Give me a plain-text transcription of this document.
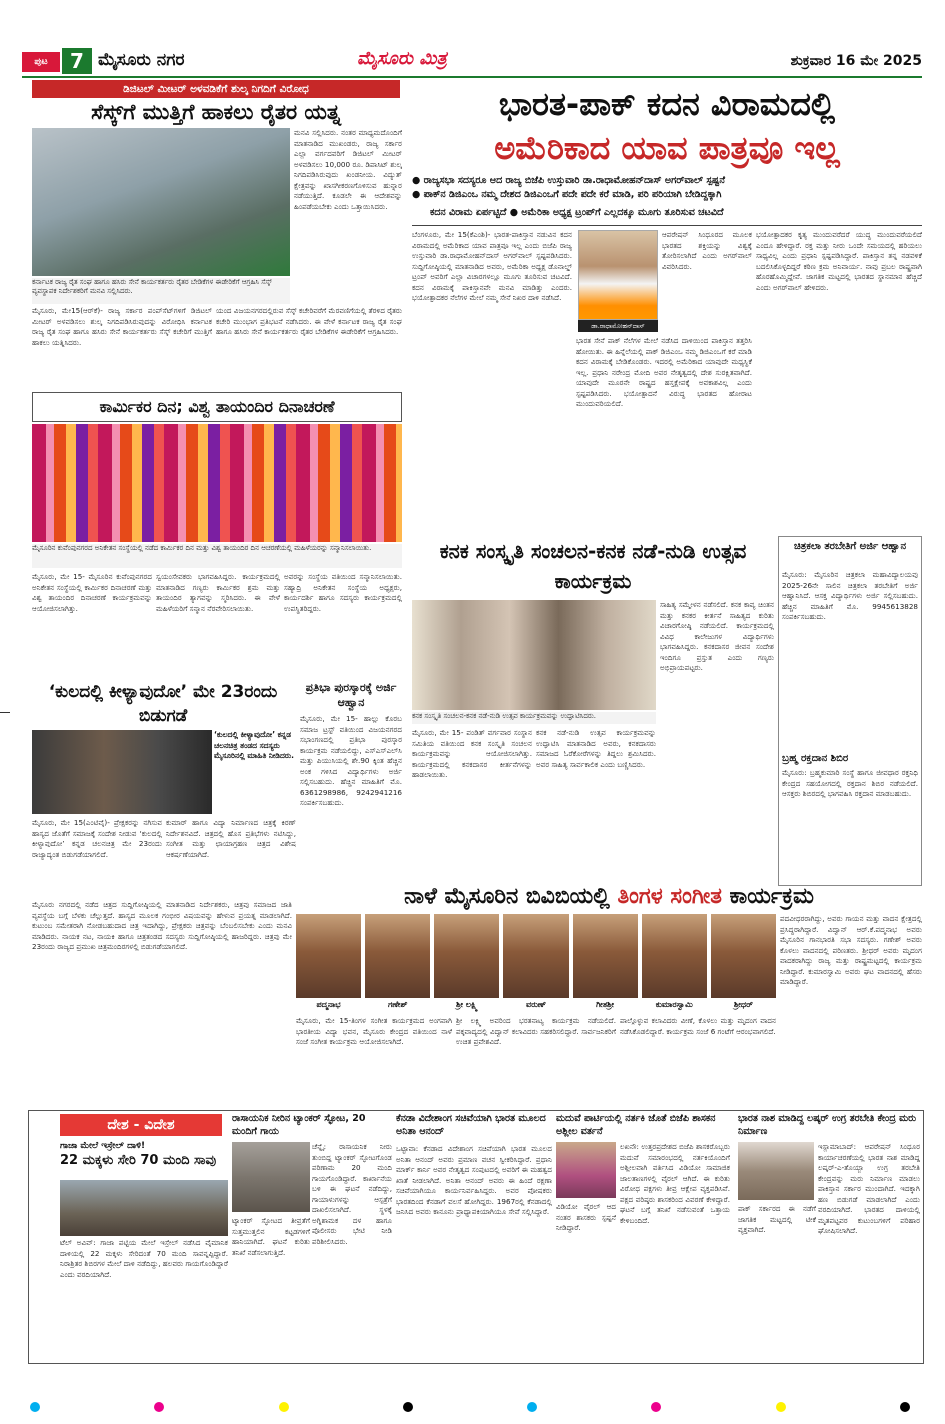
ಪುಟ	7 ಮೈಸೂರು ನಗರ	ಮೈಸೂರು ಮಿತ್ರ	ಶುಕ್ರವಾರ 16 ಮೇ 2025
ಡಿಜಿಟಲ್ ಮೀಟರ್ ಅಳವಡಿಕೆಗೆ ಶುಲ್ಕ ನಿಗದಿಗೆ ವಿರೋಧ
ಸೆಸ್ಕ್‌ಗೆ ಮುತ್ತಿಗೆ ಹಾಕಲು ರೈತರ ಯತ್ನ
ಕರ್ನಾಟಕ ರಾಜ್ಯ ರೈತ ಸಂಘ ಹಾಗೂ ಹಸಿರು ಸೇನೆ ಕಾರ್ಯಕರ್ತರು ರೈತರ ಬೇಡಿಕೆಗಳ ಈಡೇರಿಕೆಗೆ ಆಗ್ರಹಿಸಿ ಸೆಸ್ಕ್ ವ್ಯವಸ್ಥಾಪಕ ನಿರ್ದೇಶಕರಿಗೆ ಮನವಿ ಸಲ್ಲಿಸಿದರು.
ಮನವಿ ಸಲ್ಲಿಸಿದರು. ನಂತರ ಮಾಧ್ಯಮದೊಂದಿಗೆ ಮಾತನಾಡಿದ ಮುಖಂಡರು, ರಾಜ್ಯ ಸರ್ಕಾರ ಎಲ್ಲಾ ವರ್ಗದವರಿಗೆ ಡಿಜಿಟಲ್ ಮೀಟರ್ ಅಳವಡಿಸಲು 10,000 ರೂ. ಡಿಪಾಸಿಟ್ ಶುಲ್ಕ ನಿಗದಿಪಡಿಸಿರುವುದು ಖಂಡನೀಯ. ವಿದ್ಯುತ್ ಕ್ಷೇತ್ರವನ್ನು ಖಾಸಗೀಕರಣಗೊಳಿಸುವ ಹುನ್ನಾರ ನಡೆಯುತ್ತಿದೆ. ಕೂಡಲೇ ಈ ಆದೇಶವನ್ನು ಹಿಂಪಡೆಯಬೇಕು ಎಂದು ಒತ್ತಾಯಿಸಿದರು.
ಮೈಸೂರು, ಮೇ15(ಆರ್‌ಕೆ)- ರಾಜ್ಯ ಸರ್ಕಾರ ಪಂಪ್‌ಸೆಟ್‌ಗಳಿಗೆ ಡಿಜಿಟಲ್ ಮೀಟರ್ ಅಳವಡಿಸಲು ಶುಲ್ಕ ನಿಗದಿಪಡಿಸಿರುವುದನ್ನು ವಿರೋಧಿಸಿ ಕರ್ನಾಟಕ ರಾಜ್ಯ ರೈತ ಸಂಘ ಹಾಗೂ ಹಸಿರು ಸೇನೆ ಕಾರ್ಯಕರ್ತರು ಸೆಸ್ಕ್ ಕಚೇರಿಗೆ ಮುತ್ತಿಗೆ ಹಾಕಲು ಯತ್ನಿಸಿದರು.
ಯಂದ ವಿಜಯನಗರದಲ್ಲಿರುವ ಸೆಸ್ಕ್ ಕಚೇರಿವರೆಗೆ ಮೆರವಣಿಗೆಯಲ್ಲಿ ತೆರಳಿದ ರೈತರು ಕಚೇರಿ ಮುಂಭಾಗ ಪ್ರತಿಭಟನೆ ನಡೆಸಿದರು. ಈ ವೇಳೆ ಕರ್ನಾಟಕ ರಾಜ್ಯ ರೈತ ಸಂಘ ಹಾಗೂ ಹಸಿರು ಸೇನೆ ಕಾರ್ಯಕರ್ತರು ರೈತರ ಬೇಡಿಕೆಗಳ ಈಡೇರಿಕೆಗೆ ಆಗ್ರಹಿಸಿದರು.
ಕಾರ್ಮಿಕರ ದಿನ; ವಿಶ್ವ ತಾಯಂದಿರ ದಿನಾಚರಣೆ
ಮೈಸೂರಿನ ಕುವೆಂಪುನಗರದ ಅನಿಕೇತನ ಸಂಸ್ಥೆಯಲ್ಲಿ ನಡೆದ ಕಾರ್ಮಿಕರ ದಿನ ಮತ್ತು ವಿಶ್ವ ತಾಯಂದಿರ ದಿನ ಆಚರಣೆಯಲ್ಲಿ ಮಹಿಳೆಯರನ್ನು ಸನ್ಮಾನಿಸಲಾಯಿತು.
ಮೈಸೂರು, ಮೇ 15- ಮೈಸೂರಿನ ಕುವೆಂಪುನಗರದ ಅನಿಕೇತನ ಸಂಸ್ಥೆಯಲ್ಲಿ ಕಾರ್ಮಿಕರ ದಿನಾಚರಣೆ ಮತ್ತು ವಿಶ್ವ ತಾಯಂದಿರ ದಿನಾಚರಣೆ ಕಾರ್ಯಕ್ರಮವನ್ನು ಆಯೋಜಿಸಲಾಗಿತ್ತು.
ಸ್ವಯಂಸೇವಕರು ಭಾಗವಹಿಸಿದ್ದರು. ಕಾರ್ಯಕ್ರಮದಲ್ಲಿ ಮಾತನಾಡಿದ ಗಣ್ಯರು ಕಾರ್ಮಿಕರ ಶ್ರಮ ಮತ್ತು ತಾಯಂದಿರ ತ್ಯಾಗವನ್ನು ಸ್ಮರಿಸಿದರು. ಈ ವೇಳೆ ಮಹಿಳೆಯರಿಗೆ ಸನ್ಮಾನ ನೆರವೇರಿಸಲಾಯಿತು.
ಅವರನ್ನು ಸಂಸ್ಥೆಯ ವತಿಯಿಂದ ಸನ್ಮಾನಿಸಲಾಯಿತು. ಸಹ್ಯಾದ್ರಿ ಅನಿಕೇತನ ಸಂಸ್ಥೆಯ ಅಧ್ಯಕ್ಷರು, ಕಾರ್ಯದರ್ಶಿ ಹಾಗೂ ಸದಸ್ಯರು ಕಾರ್ಯಕ್ರಮದಲ್ಲಿ ಉಪಸ್ಥಿತರಿದ್ದರು.
‘ಕುಲದಲ್ಲಿ ಕೀಳ್ಯಾವುದೋ’ ಮೇ 23ರಂದು ಬಿಡುಗಡೆ
‘ಕುಲದಲ್ಲಿ ಕೀಳ್ಯಾವುದೋ’ ಕನ್ನಡ ಚಲನಚಿತ್ರ ತಂಡದ ಸದಸ್ಯರು ಮೈಸೂರಿನಲ್ಲಿ ಮಾಹಿತಿ ನೀಡಿದರು.
ಮೈಸೂರು, ಮೇ 15(ಎಂಟಿವೈ)- ಪ್ರೇಕ್ಷಕರನ್ನು ನಗಿಸುವ ಹಾಸ್ಯದ ಜೊತೆಗೆ ಸಮಾಜಕ್ಕೆ ಸಂದೇಶ ನೀಡುವ ‘ಕುಲದಲ್ಲಿ ಕೀಳ್ಯಾವುದೋ’ ಕನ್ನಡ ಚಲನಚಿತ್ರ ಮೇ 23ರಂದು ರಾಜ್ಯಾದ್ಯಂತ ಬಿಡುಗಡೆಯಾಗಲಿದೆ.
ಕುಮಾರ್ ಹಾಗೂ ವಿದ್ಯಾ ನಿರ್ಮಾಣದ ಚಿತ್ರಕ್ಕೆ ಕಿರಣ್ ನಿರ್ದೇಶನವಿದೆ. ಚಿತ್ರದಲ್ಲಿ ಹೊಸ ಪ್ರತಿಭೆಗಳು ನಟಿಸಿದ್ದು, ಸಂಗೀತ ಮತ್ತು ಛಾಯಾಗ್ರಹಣ ಚಿತ್ರದ ವಿಶೇಷ ಆಕರ್ಷಣೆಯಾಗಿದೆ.
ಮೈಸೂರು ನಗರದಲ್ಲಿ ನಡೆದ ಚಿತ್ರದ ಸುದ್ದಿಗೋಷ್ಠಿಯಲ್ಲಿ ಮಾತನಾಡಿದ ನಿರ್ದೇಶಕರು, ಚಿತ್ರವು ಸಮಾಜದ ಜಾತಿ ವ್ಯವಸ್ಥೆಯ ಬಗ್ಗೆ ಬೆಳಕು ಚೆಲ್ಲುತ್ತದೆ. ಹಾಸ್ಯದ ಮೂಲಕ ಗಂಭೀರ ವಿಷಯವನ್ನು ಹೇಳುವ ಪ್ರಯತ್ನ ಮಾಡಲಾಗಿದೆ. ಕುಟುಂಬ ಸಮೇತರಾಗಿ ನೋಡಬಹುದಾದ ಚಿತ್ರ ಇದಾಗಿದ್ದು, ಪ್ರೇಕ್ಷಕರು ಚಿತ್ರವನ್ನು ಬೆಂಬಲಿಸಬೇಕು ಎಂದು ಮನವಿ ಮಾಡಿದರು. ನಾಯಕ ನಟ, ನಾಯಕಿ ಹಾಗೂ ಚಿತ್ರತಂಡದ ಸದಸ್ಯರು ಸುದ್ದಿಗೋಷ್ಠಿಯಲ್ಲಿ ಹಾಜರಿದ್ದರು. ಚಿತ್ರವು ಮೇ 23ರಂದು ರಾಜ್ಯದ ಪ್ರಮುಖ ಚಿತ್ರಮಂದಿರಗಳಲ್ಲಿ ಬಿಡುಗಡೆಯಾಗಲಿದೆ.
ಪ್ರತಿಭಾ ಪುರಸ್ಕಾರಕ್ಕೆ ಅರ್ಜಿ ಆಹ್ವಾನ
ಮೈಸೂರು, ಮೇ 15- ಹಾಲ್ಲು ಕೊರಬ ಸಮಾಜ ಟ್ರಸ್ಟ್ ವತಿಯಿಂದ ವಿಜಯನಗರದ ಸಭಾಂಗಣದಲ್ಲಿ ಪ್ರತಿಭಾ ಪುರಸ್ಕಾರ ಕಾರ್ಯಕ್ರಮ ನಡೆಯಲಿದ್ದು, ಎಸ್‌ಎಸ್‌ಎಲ್‌ಸಿ ಮತ್ತು ಪಿಯುಸಿಯಲ್ಲಿ ಶೇ.90 ಕ್ಕಿಂತ ಹೆಚ್ಚಿನ ಅಂಕ ಗಳಿಸಿದ ವಿದ್ಯಾರ್ಥಿಗಳು ಅರ್ಜಿ ಸಲ್ಲಿಸಬಹುದು. ಹೆಚ್ಚಿನ ಮಾಹಿತಿಗೆ ಮೊ. 6361298986, 9242941216 ಸಂಪರ್ಕಿಸಬಹುದು.
ಭಾರತ-ಪಾಕ್ ಕದನ ವಿರಾಮದಲ್ಲಿ
ಅಮೆರಿಕಾದ ಯಾವ ಪಾತ್ರವೂ ಇಲ್ಲ
● ರಾಜ್ಯಸಭಾ ಸದಸ್ಯರೂ ಆದ ರಾಜ್ಯ ಬಿಜೆಪಿ ಉಸ್ತುವಾರಿ ಡಾ.ರಾಧಾಮೋಹನ್‌ದಾಸ್ ಅಗರ್‌ವಾಲ್ ಸ್ಪಷ್ಟನೆ
● ಪಾಕ್‌ನ ಡಿಜಿಎಂಒ ನಮ್ಮ ದೇಶದ ಡಿಜಿಎಂಒಗೆ ಪದೇ ಪದೇ ಕರೆ ಮಾಡಿ, ಪರಿ ಪರಿಯಾಗಿ ಬೇಡಿದ್ದಕ್ಕಾಗಿ
ಕದನ ವಿರಾಮ ಏರ್ಪಟ್ಟಿದೆ ● ಅಮೆರಿಕಾ ಅಧ್ಯಕ್ಷ ಟ್ರಂಪ್‌ಗೆ ಎಲ್ಲದಕ್ಕೂ ಮೂಗು ತೂರಿಸುವ ಚಟವಿದೆ
ಬೆಂಗಳೂರು, ಮೇ 15(ಕೆಎಂಶಿ)- ಭಾರತ-ಪಾಕಿಸ್ತಾನ ನಡುವಿನ ಕದನ ವಿರಾಮದಲ್ಲಿ ಅಮೆರಿಕಾದ ಯಾವ ಪಾತ್ರವೂ ಇಲ್ಲ ಎಂದು ಬಿಜೆಪಿ ರಾಜ್ಯ ಉಸ್ತುವಾರಿ ಡಾ.ರಾಧಾಮೋಹನ್‌ದಾಸ್ ಅಗರ್‌ವಾಲ್ ಸ್ಪಷ್ಟಪಡಿಸಿದರು. ಸುದ್ದಿಗೋಷ್ಠಿಯಲ್ಲಿ ಮಾತನಾಡಿದ ಅವರು, ಅಮೆರಿಕಾ ಅಧ್ಯಕ್ಷ ಡೊನಾಲ್ಡ್ ಟ್ರಂಪ್ ಅವರಿಗೆ ಎಲ್ಲಾ ವಿಚಾರಗಳಲ್ಲೂ ಮೂಗು ತೂರಿಸುವ ಚಟವಿದೆ. ಕದನ ವಿರಾಮಕ್ಕೆ ಪಾಕಿಸ್ತಾನವೇ ಮನವಿ ಮಾಡಿತ್ತು ಎಂದರು. ಭಯೋತ್ಪಾದಕರ ನೆಲೆಗಳ ಮೇಲೆ ನಮ್ಮ ಸೇನೆ ನಿಖರ ದಾಳಿ ನಡೆಸಿದೆ.
ಡಾ.ರಾಧಾಮೋಹನ್‌ದಾಸ್
ಆಪರೇಷನ್ ಸಿಂಧೂರದ ಮೂಲಕ ಭಾರತದ ಶಕ್ತಿಯನ್ನು ವಿಶ್ವಕ್ಕೆ ತೋರಿಸಲಾಗಿದೆ ಎಂದು ಅಗರ್‌ವಾಲ್ ವಿವರಿಸಿದರು.
ಭಾರತ ಸೇನೆ ಪಾಕ್ ನೆಲೆಗಳ ಮೇಲೆ ನಡೆಸಿದ ದಾಳಿಯಿಂದ ಪಾಕಿಸ್ತಾನ ತತ್ತರಿಸಿ ಹೋಯಿತು. ಈ ಹಿನ್ನೆಲೆಯಲ್ಲಿ ಪಾಕ್ ಡಿಜಿಎಂಒ ನಮ್ಮ ಡಿಜಿಎಂಒಗೆ ಕರೆ ಮಾಡಿ ಕದನ ವಿರಾಮಕ್ಕೆ ಬೇಡಿಕೊಂಡರು. ಇದರಲ್ಲಿ ಅಮೆರಿಕಾದ ಯಾವುದೇ ಮಧ್ಯಸ್ಥಿಕೆ ಇಲ್ಲ. ಪ್ರಧಾನಿ ನರೇಂದ್ರ ಮೋದಿ ಅವರ ನೇತೃತ್ವದಲ್ಲಿ ದೇಶ ಸುರಕ್ಷಿತವಾಗಿದೆ. ಯಾವುದೇ ಮೂರನೇ ರಾಷ್ಟ್ರದ ಹಸ್ತಕ್ಷೇಪಕ್ಕೆ ಅವಕಾಶವಿಲ್ಲ ಎಂದು ಸ್ಪಷ್ಟಪಡಿಸಿದರು. ಭಯೋತ್ಪಾದನೆ ವಿರುದ್ಧ ಭಾರತದ ಹೋರಾಟ ಮುಂದುವರಿಯಲಿದೆ.
ಭಯೋತ್ಪಾದಕರ ಕೃತ್ಯ ಮುಂದುವರೆದರೆ ಯುದ್ಧ ಮುಂದುವರೆಯಲಿದೆ ಎಂದೂ ಹೇಳಿದ್ದಾರೆ. ರಕ್ತ ಮತ್ತು ನೀರು ಒಂದೇ ಸಮಯದಲ್ಲಿ ಹರಿಯಲು ಸಾಧ್ಯವಿಲ್ಲ ಎಂದು ಪ್ರಧಾನಿ ಸ್ಪಷ್ಟಪಡಿಸಿದ್ದಾರೆ. ಪಾಕಿಸ್ತಾನ ತನ್ನ ನಡವಳಿಕೆ ಬದಲಿಸಿಕೊಳ್ಳದಿದ್ದರೆ ಕಠಿಣ ಕ್ರಮ ಅನಿವಾರ್ಯ. ನಾವು ಪ್ರಬಲ ರಾಷ್ಟ್ರವಾಗಿ ಹೊರಹೊಮ್ಮಿದ್ದೇವೆ. ಜಾಗತಿಕ ಮಟ್ಟದಲ್ಲಿ ಭಾರತದ ಸ್ಥಾನಮಾನ ಹೆಚ್ಚಿದೆ ಎಂದು ಅಗರ್‌ವಾಲ್ ಹೇಳಿದರು.
ಕನಕ ಸಂಸ್ಕೃತಿ ಸಂಚಲನ-ಕನಕ ನಡೆ-ನುಡಿ ಉತ್ಸವ ಕಾರ್ಯಕ್ರಮ
ಕನಕ ಸಂಸ್ಕೃತಿ ಸಂಚಲನ-ಕನಕ ನಡೆ-ನುಡಿ ಉತ್ಸವ ಕಾರ್ಯಕ್ರಮವನ್ನು ಉದ್ಘಾಟಿಸಿದರು.
ಸಾಹಿತ್ಯ ಸಮ್ಮೇಳನ ನಡೆಸಲಿದೆ. ಕನಕ ಕಾವ್ಯ ಚಿಂತನ ಮತ್ತು ಕನಕರ ಕೀರ್ತನೆ ಸಾಹಿತ್ಯದ ಕುರಿತು ವಿಚಾರಗೋಷ್ಠಿ ನಡೆಯಲಿದೆ. ಕಾರ್ಯಕ್ರಮದಲ್ಲಿ ವಿವಿಧ ಕಾಲೇಜುಗಳ ವಿದ್ಯಾರ್ಥಿಗಳು ಭಾಗವಹಿಸಿದ್ದರು. ಕನಕದಾಸರ ಜೀವನ ಸಂದೇಶ ಇಂದಿಗೂ ಪ್ರಸ್ತುತ ಎಂದು ಗಣ್ಯರು ಅಭಿಪ್ರಾಯಪಟ್ಟರು.
ಮೈಸೂರು, ಮೇ 15- ಪಂಡಿತ್ ವರ್ಗವಾರ ಸಂಸ್ಥಾನ ಸಮಿತಿಯ ವತಿಯಿಂದ ಕನಕ ಸಂಸ್ಕೃತಿ ಸಂಚಲನ ಕಾರ್ಯಕ್ರಮವನ್ನು ಆಯೋಜಿಸಲಾಗಿತ್ತು. ಕಾರ್ಯಕ್ರಮದಲ್ಲಿ ಕನಕದಾಸರ ಕೀರ್ತನೆಗಳನ್ನು ಹಾಡಲಾಯಿತು.
ಕನಕ ನಡೆ-ನುಡಿ ಉತ್ಸವ ಕಾರ್ಯಕ್ರಮವನ್ನು ಉದ್ಘಾಟಿಸಿ ಮಾತನಾಡಿದ ಅವರು, ಕನಕದಾಸರು ಸಮಾಜದ ಓರೆಕೋರೆಗಳನ್ನು ತಿದ್ದಲು ಶ್ರಮಿಸಿದರು. ಅವರ ಸಾಹಿತ್ಯ ಸಾರ್ವಕಾಲಿಕ ಎಂದು ಬಣ್ಣಿಸಿದರು.
ಚಿತ್ರಕಲಾ ತರಬೇತಿಗೆ ಅರ್ಜಿ ಆಹ್ವಾನ
ಮೈಸೂರು: ಮೈಸೂರಿನ ಚಿತ್ರಕಲಾ ಮಹಾವಿದ್ಯಾಲಯವು 2025-26ನೇ ಸಾಲಿನ ಚಿತ್ರಕಲಾ ತರಬೇತಿಗೆ ಅರ್ಜಿ ಆಹ್ವಾನಿಸಿದೆ. ಆಸಕ್ತ ವಿದ್ಯಾರ್ಥಿಗಳು ಅರ್ಜಿ ಸಲ್ಲಿಸಬಹುದು. ಹೆಚ್ಚಿನ ಮಾಹಿತಿಗೆ ಮೊ. 9945613828 ಸಂಪರ್ಕಿಸಬಹುದು.
ಬ್ರಹ್ಮ ರಕ್ತದಾನ ಶಿಬಿರ
ಮೈಸೂರು: ಬ್ರಹ್ಮಕುಮಾರಿ ಸಂಸ್ಥೆ ಹಾಗೂ ಜೀವಧಾರ ರಕ್ತನಿಧಿ ಕೇಂದ್ರದ ಸಹಯೋಗದಲ್ಲಿ ರಕ್ತದಾನ ಶಿಬಿರ ನಡೆಯಲಿದೆ. ಆಸಕ್ತರು ಶಿಬಿರದಲ್ಲಿ ಭಾಗವಹಿಸಿ ರಕ್ತದಾನ ಮಾಡಬಹುದು.
ನಾಳೆ ಮೈಸೂರಿನ ಬಿವಿಬಿಯಲ್ಲಿ ತಿಂಗಳ ಸಂಗೀತ ಕಾರ್ಯಕ್ರಮ
ಪದ್ಮನಾಭ	ಗಣೇಶ್	ಶ್ರೀ ಲಕ್ಷ್ಮಿ	ವರುಣ್	ಗೀತಶ್ರೀ	ಕುಮಾರಸ್ವಾಮಿ	ಶ್ರೀಧರ್
ಮೈಸೂರು, ಮೇ 15-ತಿಂಗಳ ಸಂಗೀತ ಕಾರ್ಯಕ್ರಮದ ಅಂಗವಾಗಿ ಭಾರತೀಯ ವಿದ್ಯಾ ಭವನ, ಮೈಸೂರು ಕೇಂದ್ರದ ವತಿಯಿಂದ ನಾಳೆ ಸಂಜೆ ಸಂಗೀತ ಕಾರ್ಯಕ್ರಮ ಆಯೋಜಿಸಲಾಗಿದೆ.
ಶ್ರೀ ಲಕ್ಷ್ಮಿ ಅವರಿಂದ ಭರತನಾಟ್ಯ ಕಾರ್ಯಕ್ರಮ ನಡೆಯಲಿದೆ. ಪಕ್ಕವಾದ್ಯದಲ್ಲಿ ವಿದ್ವಾನ್ ಕಲಾವಿದರು ಸಹಕರಿಸಲಿದ್ದಾರೆ. ಸಾರ್ವಜನಿಕರಿಗೆ ಉಚಿತ ಪ್ರವೇಶವಿದೆ.
ಪಾಲ್ಗೊಳ್ಳುವ ಕಲಾವಿದರು ವೀಣೆ, ಕೊಳಲು ಮತ್ತು ಮೃದಂಗ ವಾದನ ನಡೆಸಿಕೊಡಲಿದ್ದಾರೆ. ಕಾರ್ಯಕ್ರಮ ಸಂಜೆ 6 ಗಂಟೆಗೆ ಆರಂಭವಾಗಲಿದೆ.
ಪದವೀಧರರಾಗಿದ್ದು, ಅವರು ಗಾಯನ ಮತ್ತು ವಾದನ ಕ್ಷೇತ್ರದಲ್ಲಿ ಪ್ರಸಿದ್ಧರಾಗಿದ್ದಾರೆ. ವಿದ್ವಾನ್ ಆರ್.ಕೆ.ಪದ್ಮನಾಭ ಅವರು ಮೈಸೂರಿನ ಗಾನಭಾರತಿ ಸಭಾ ಸದಸ್ಯರು. ಗಣೇಶ್ ಅವರು ಕೊಳಲು ವಾದನದಲ್ಲಿ ಪರಿಣತರು. ಶ್ರೀಧರ್ ಅವರು ಮೃದಂಗ ವಾದಕರಾಗಿದ್ದು ರಾಜ್ಯ ಮತ್ತು ರಾಷ್ಟ್ರಮಟ್ಟದಲ್ಲಿ ಕಾರ್ಯಕ್ರಮ ನೀಡಿದ್ದಾರೆ. ಕುಮಾರಸ್ವಾಮಿ ಅವರು ಘಟ ವಾದನದಲ್ಲಿ ಹೆಸರು ಮಾಡಿದ್ದಾರೆ.
ದೇಶ - ವಿದೇಶ
ಗಾಜಾ ಮೇಲೆ ಇಸ್ರೇಲ್ ದಾಳಿ!
22 ಮಕ್ಕಳು ಸೇರಿ 70 ಮಂದಿ ಸಾವು
ಟೆಲ್ ಅವಿವ್: ಗಾಜಾ ಪಟ್ಟಿಯ ಮೇಲೆ ಇಸ್ರೇಲ್ ನಡೆಸಿದ ವೈಮಾನಿಕ ದಾಳಿಯಲ್ಲಿ 22 ಮಕ್ಕಳು ಸೇರಿದಂತೆ 70 ಮಂದಿ ಸಾವನ್ನಪ್ಪಿದ್ದಾರೆ. ನಿರಾಶ್ರಿತರ ಶಿಬಿರಗಳ ಮೇಲೆ ದಾಳಿ ನಡೆದಿದ್ದು, ಹಲವರು ಗಾಯಗೊಂಡಿದ್ದಾರೆ ಎಂದು ವರದಿಯಾಗಿದೆ.
ರಾಸಾಯನಿಕ ನೀರಿನ ಟ್ಯಾಂಕರ್ ಸ್ಫೋಟ, 20 ಮಂದಿಗೆ ಗಾಯ
ಚೆನ್ನೈ: ರಾಸಾಯನಿಕ ನೀರು ತುಂಬಿದ್ದ ಟ್ಯಾಂಕರ್ ಸ್ಫೋಟಗೊಂಡ ಪರಿಣಾಮ 20 ಮಂದಿ ಗಾಯಗೊಂಡಿದ್ದಾರೆ. ಕಾರ್ಖಾನೆಯ ಬಳಿ ಈ ಘಟನೆ ನಡೆದಿದ್ದು, ಗಾಯಾಳುಗಳನ್ನು ಆಸ್ಪತ್ರೆಗೆ ದಾಖಲಿಸಲಾಗಿದೆ. ಸ್ಥಳಕ್ಕೆ ಅಗ್ನಿಶಾಮಕ ದಳ ಹಾಗೂ ಪೊಲೀಸರು ಭೇಟಿ ನೀಡಿ ಪರಿಶೀಲಿಸಿದರು.
ಟ್ಯಾಂಕರ್ ಸ್ಫೋಟದ ತೀವ್ರತೆಗೆ ಸುತ್ತಮುತ್ತಲಿನ ಕಟ್ಟಡಗಳಿಗೆ ಹಾನಿಯಾಗಿದೆ. ಘಟನೆ ಕುರಿತು ತನಿಖೆ ನಡೆಸಲಾಗುತ್ತಿದೆ.
ಕೆನಡಾ ವಿದೇಶಾಂಗ ಸಚಿವೆಯಾಗಿ ಭಾರತ ಮೂಲದ ಅನಿತಾ ಆನಂದ್
ಒಟ್ಟಾವಾ: ಕೆನಡಾದ ವಿದೇಶಾಂಗ ಸಚಿವೆಯಾಗಿ ಭಾರತ ಮೂಲದ ಅನಿತಾ ಆನಂದ್ ಅವರು ಪ್ರಮಾಣ ವಚನ ಸ್ವೀಕರಿಸಿದ್ದಾರೆ. ಪ್ರಧಾನಿ ಮಾರ್ಕ್ ಕಾರ್ನಿ ಅವರ ನೇತೃತ್ವದ ಸಂಪುಟದಲ್ಲಿ ಅವರಿಗೆ ಈ ಮಹತ್ವದ ಖಾತೆ ನೀಡಲಾಗಿದೆ. ಅನಿತಾ ಆನಂದ್ ಅವರು ಈ ಹಿಂದೆ ರಕ್ಷಣಾ ಸಚಿವೆಯಾಗಿಯೂ ಕಾರ್ಯನಿರ್ವಹಿಸಿದ್ದರು. ಅವರ ಪೋಷಕರು ಭಾರತದಿಂದ ಕೆನಡಾಗೆ ವಲಸೆ ಹೋಗಿದ್ದರು. 1967ರಲ್ಲಿ ಕೆನಡಾದಲ್ಲಿ ಜನಿಸಿದ ಅವರು ಕಾನೂನು ಪ್ರಾಧ್ಯಾಪಕಿಯಾಗಿಯೂ ಸೇವೆ ಸಲ್ಲಿಸಿದ್ದಾರೆ.
ಮದುವೆ ಪಾರ್ಟಿಯಲ್ಲಿ ನರ್ತಕಿ ಜೊತೆ ಬಿಜೆಪಿ ಶಾಸಕನ ಅಶ್ಲೀಲ ವರ್ತನೆ
ಲಖನೌ: ಉತ್ತರಪ್ರದೇಶದ ಬಿಜೆಪಿ ಶಾಸಕರೊಬ್ಬರು ಮದುವೆ ಸಮಾರಂಭದಲ್ಲಿ ನರ್ತಕಿಯೊಂದಿಗೆ ಅಶ್ಲೀಲವಾಗಿ ವರ್ತಿಸಿದ ವಿಡಿಯೋ ಸಾಮಾಜಿಕ ಜಾಲತಾಣಗಳಲ್ಲಿ ವೈರಲ್ ಆಗಿದೆ. ಈ ಕುರಿತು ವಿರೋಧ ಪಕ್ಷಗಳು ತೀವ್ರ ಆಕ್ಷೇಪ ವ್ಯಕ್ತಪಡಿಸಿವೆ. ಪಕ್ಷದ ವರಿಷ್ಠರು ಶಾಸಕರಿಂದ ವಿವರಣೆ ಕೇಳಿದ್ದಾರೆ. ಘಟನೆ ಬಗ್ಗೆ ತನಿಖೆ ನಡೆಸುವಂತೆ ಒತ್ತಾಯ ಕೇಳಿಬಂದಿದೆ.
ವಿಡಿಯೋ ವೈರಲ್ ಆದ ನಂತರ ಶಾಸಕರು ಸ್ಪಷ್ಟನೆ ನೀಡಿದ್ದಾರೆ.
ಭಾರತ ನಾಶ ಮಾಡಿದ್ದ ಲಷ್ಕರ್ ಉಗ್ರ ತರಬೇತಿ ಕೇಂದ್ರ ಮರು ನಿರ್ಮಾಣ
ಇಸ್ಲಾಮಾಬಾದ್: ಆಪರೇಷನ್ ಸಿಂಧೂರ ಕಾರ್ಯಾಚರಣೆಯಲ್ಲಿ ಭಾರತ ನಾಶ ಮಾಡಿದ್ದ ಲಷ್ಕರ್-ಎ-ತೊಯ್ಬಾ ಉಗ್ರ ತರಬೇತಿ ಕೇಂದ್ರವನ್ನು ಮರು ನಿರ್ಮಾಣ ಮಾಡಲು ಪಾಕಿಸ್ತಾನ ಸರ್ಕಾರ ಮುಂದಾಗಿದೆ. ಇದಕ್ಕಾಗಿ ಹಣ ಬಿಡುಗಡೆ ಮಾಡಲಾಗಿದೆ ಎಂದು ವರದಿಯಾಗಿದೆ. ಭಾರತದ ದಾಳಿಯಲ್ಲಿ ಮೃತಪಟ್ಟವರ ಕುಟುಂಬಗಳಿಗೆ ಪರಿಹಾರ ಘೋಷಿಸಲಾಗಿದೆ.
ಪಾಕ್ ಸರ್ಕಾರದ ಈ ನಡೆಗೆ ಜಾಗತಿಕ ಮಟ್ಟದಲ್ಲಿ ಟೀಕೆ ವ್ಯಕ್ತವಾಗಿದೆ.
